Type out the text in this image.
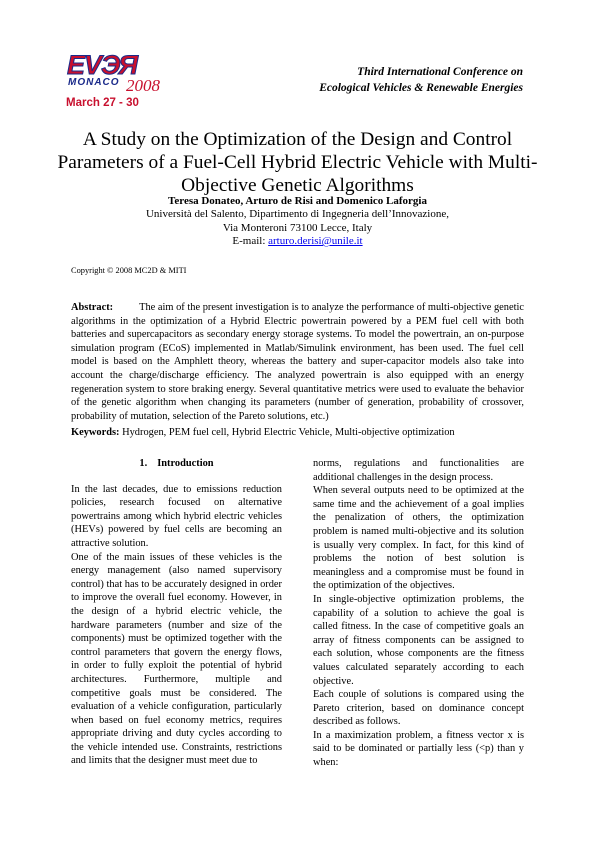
EVЭЯ
MONACO 2008
March 27 - 30
Third International Conference on
Ecological Vehicles & Renewable Energies
A Study on the Optimization of the Design and Control Parameters of a Fuel-Cell Hybrid Electric Vehicle with Multi-Objective Genetic Algorithms
Teresa Donateo, Arturo de Risi and Domenico Laforgia
Università del Salento, Dipartimento di Ingegneria dell’Innovazione,
Via Monteroni 73100 Lecce, Italy
E-mail: arturo.derisi@unile.it
Copyright © 2008 MC2D & MITI
Abstract:	The aim of the present investigation is to analyze the performance of multi-objective genetic algorithms in the optimization of a Hybrid Electric powertrain powered by a PEM fuel cell with both batteries and supercapacitors as secondary energy storage systems. To model the powertrain, an on-purpose simulation program (ECoS) implemented in Matlab/Simulink environment, has been used. The fuel cell model is based on the Amphlett theory, whereas the battery and super-capacitor models also take into account the charge/discharge efficiency. The analyzed powertrain is also equipped with an energy regeneration system to store braking energy. Several quantitative metrics were used to evaluate the behavior of the genetic algorithm when changing its parameters (number of generation, probability of crossover, probability of mutation, selection of the Pareto solutions, etc.)
Keywords: Hydrogen, PEM fuel cell, Hybrid Electric Vehicle, Multi-objective optimization

1. Introduction

In the last decades, due to emissions reduction policies, research focused on alternative powertrains among which hybrid electric vehicles (HEVs) powered by fuel cells are becoming an attractive solution.

One of the main issues of these vehicles is the energy management (also named supervisory control) that has to be accurately designed in order to improve the overall fuel economy. However, in the design of a hybrid electric vehicle, the hardware parameters (number and size of the components) must be optimized together with the control parameters that govern the energy flows, in order to fully exploit the potential of hybrid architectures. Furthermore, multiple and competitive goals must be considered. The evaluation of a vehicle configuration, particularly when based on fuel economy metrics, requires appropriate driving and duty cycles according to the vehicle intended use. Constraints, restrictions and limits that the designer must meet due to

norms, regulations and functionalities are additional challenges in the design process.

When several outputs need to be optimized at the same time and the achievement of a goal implies the penalization of others, the optimization problem is named multi-objective and its solution is usually very complex. In fact, for this kind of problems the notion of best solution is meaningless and a compromise must be found in the optimization of the objectives.

In single-objective optimization problems, the capability of a solution to achieve the goal is called fitness. In the case of competitive goals an array of fitness components can be assigned to each solution, whose components are the fitness values calculated separately according to each objective.

Each couple of solutions is compared using the Pareto criterion, based on dominance concept described as follows.

In a maximization problem, a fitness vector x is said to be dominated or partially less (<p) than y when:
